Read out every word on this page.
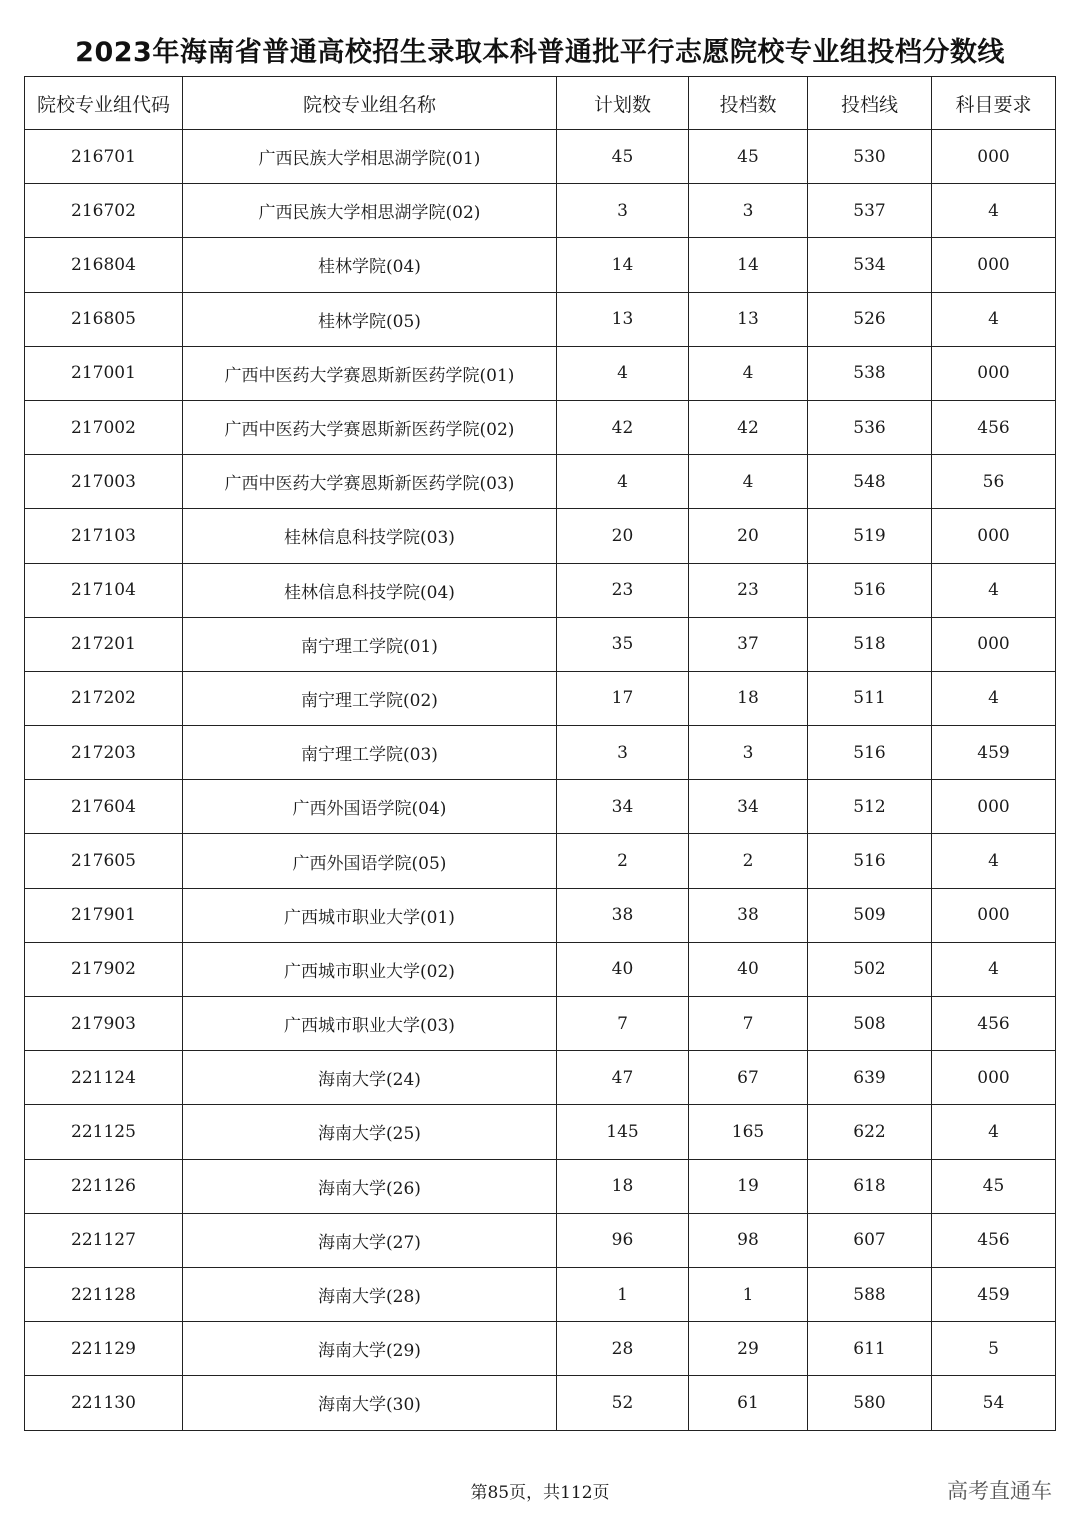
2023年海南省普通高校招生录取本科普通批平行志愿院校专业组投档分数线
院校专业组代码	院校专业组名称	计划数	投档数	投档线	科目要求
216701	广西民族大学相思湖学院(01)	45	45	530	000
216702	广西民族大学相思湖学院(02)	3	3	537	4
216804	桂林学院(04)	14	14	534	000
216805	桂林学院(05)	13	13	526	4
217001	广西中医药大学赛恩斯新医药学院(01)	4	4	538	000
217002	广西中医药大学赛恩斯新医药学院(02)	42	42	536	456
217003	广西中医药大学赛恩斯新医药学院(03)	4	4	548	56
217103	桂林信息科技学院(03)	20	20	519	000
217104	桂林信息科技学院(04)	23	23	516	4
217201	南宁理工学院(01)	35	37	518	000
217202	南宁理工学院(02)	17	18	511	4
217203	南宁理工学院(03)	3	3	516	459
217604	广西外国语学院(04)	34	34	512	000
217605	广西外国语学院(05)	2	2	516	4
217901	广西城市职业大学(01)	38	38	509	000
217902	广西城市职业大学(02)	40	40	502	4
217903	广西城市职业大学(03)	7	7	508	456
221124	海南大学(24)	47	67	639	000
221125	海南大学(25)	145	165	622	4
221126	海南大学(26)	18	19	618	45
221127	海南大学(27)	96	98	607	456
221128	海南大学(28)	1	1	588	459
221129	海南大学(29)	28	29	611	5
221130	海南大学(30)	52	61	580	54
第85页，共112页	高考直通车
